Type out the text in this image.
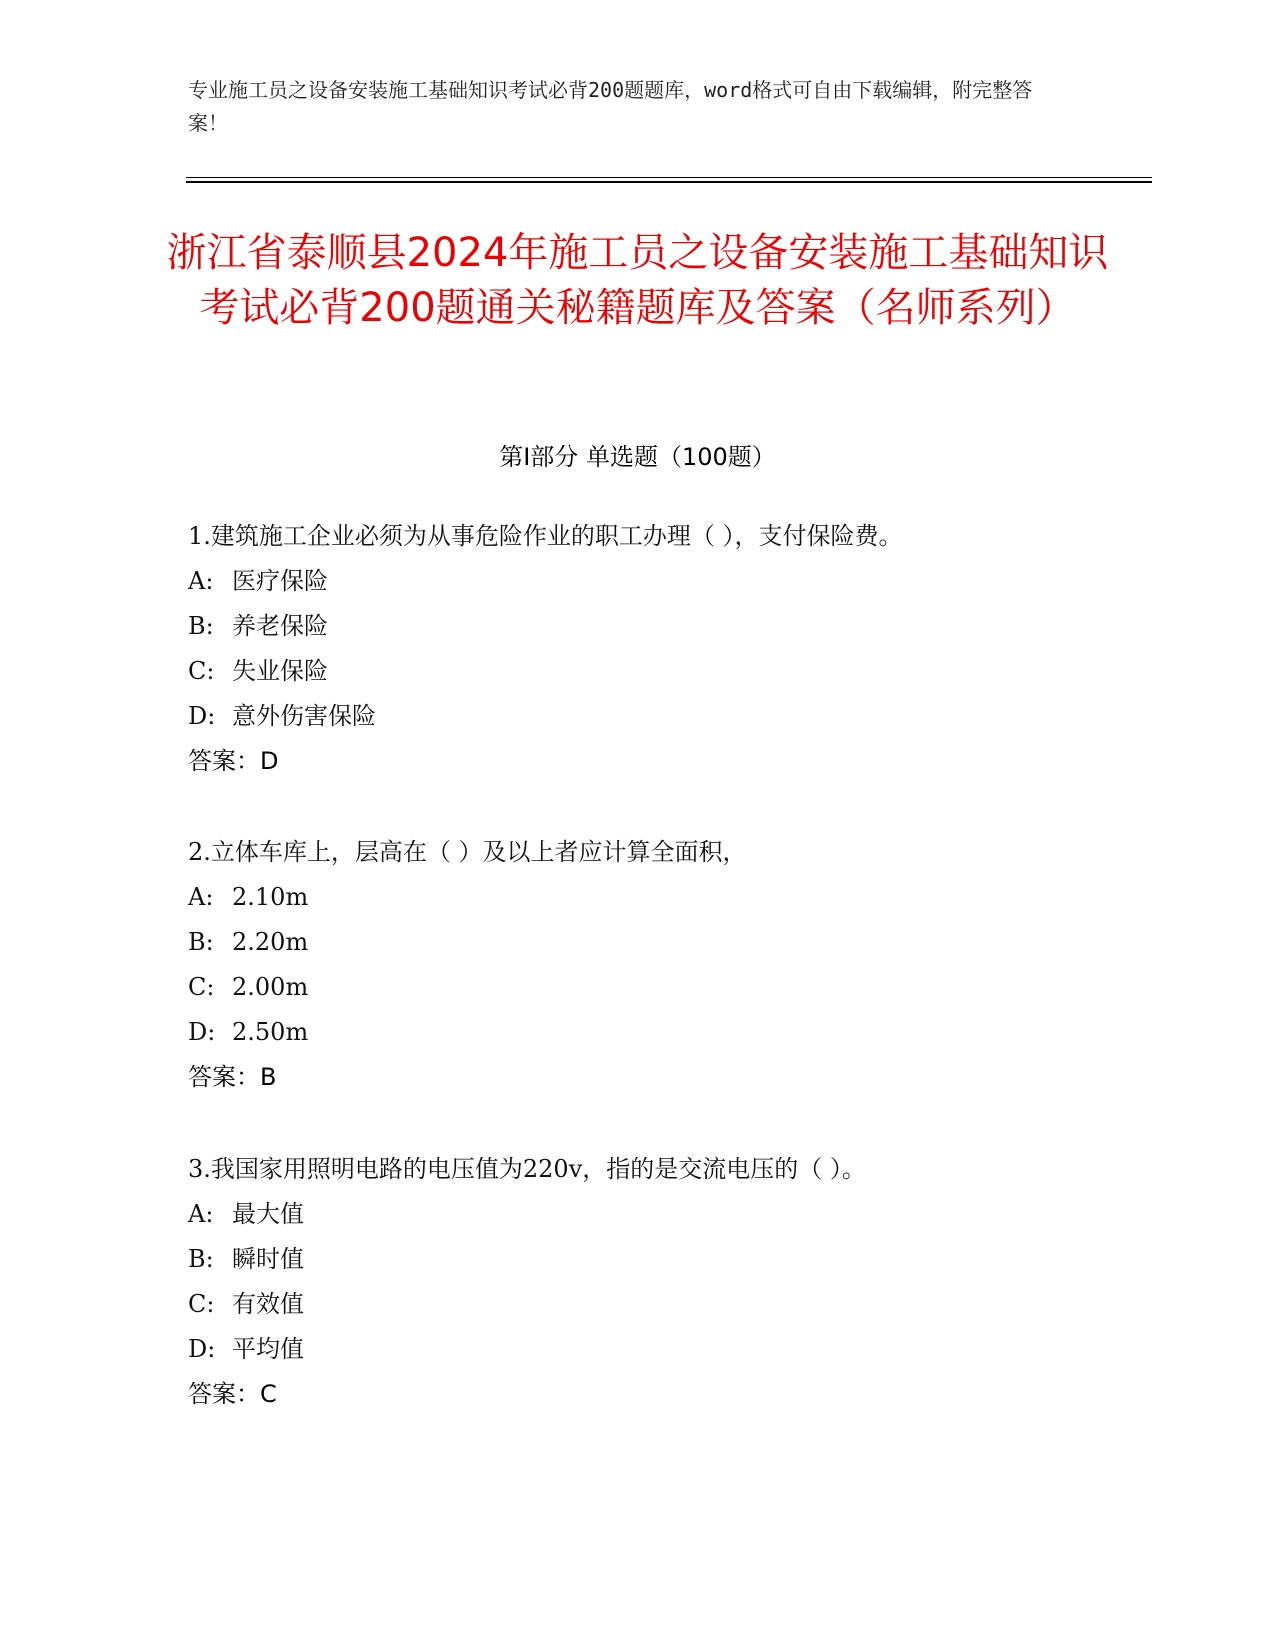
专业施工员之设备安装施工基础知识考试必背200题题库，word格式可自由下载编辑，附完整答案！
浙江省泰顺县2024年施工员之设备安装施工基础知识考试必背200题通关秘籍题库及答案（名师系列）
第Ⅰ部分 单选题（100题）
1.建筑施工企业必须为从事危险作业的职工办理（ ），支付保险费。
A: 医疗保险
B: 养老保险
C: 失业保险
D: 意外伤害保险
答案：D
2.立体车库上，层高在（ ）及以上者应计算全面积，
A: 2.10m
B: 2.20m
C: 2.00m
D: 2.50m
答案：B
3.我国家用照明电路的电压值为220v，指的是交流电压的（ ）。
A: 最大值
B: 瞬时值
C: 有效值
D: 平均值
答案：C
